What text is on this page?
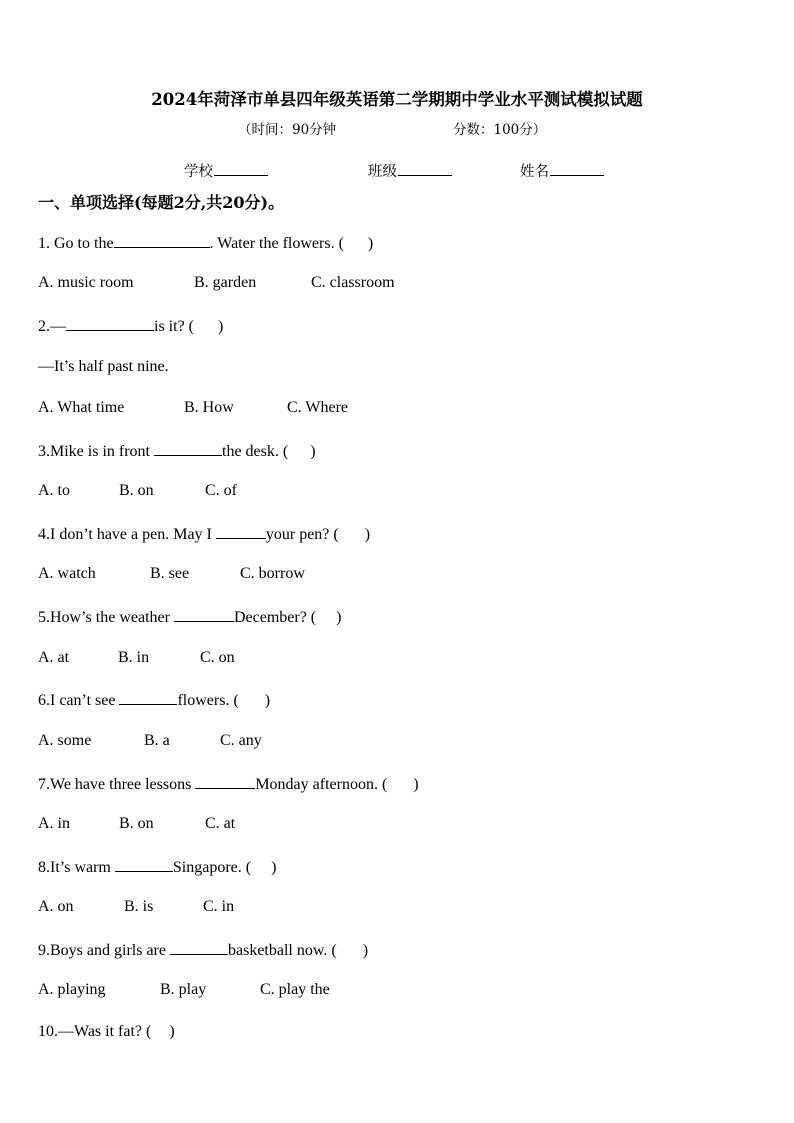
2024年菏泽市单县四年级英语第二学期期中学业水平测试模拟试题
（时间：90分钟	分数：100分）
学校	班级	姓名
一、单项选择(每题2分,共20分)。
1. Go to the	. Water the flowers. ( )
A. music room	B. garden	C. classroom
2.—	is it? ( )
—It’s half past nine.
A. What time	B. How	C. Where
3.Mike is in front	the desk. ( )
A. to	B. on	C. of
4.I don’t have a pen. May I	your pen? ( )
A. watch	B. see	C. borrow
5.How’s the weather	December? ( )
A. at	B. in	C. on
6.I can’t see	flowers. ( )
A. some	B. a	C. any
7.We have three lessons	Monday afternoon. ( )
A. in	B. on	C. at
8.It’s warm	Singapore. ( )
A. on	B. is	C. in
9.Boys and girls are	basketball now. ( )
A. playing	B. play	C. play the
10.—Was it fat? ( )
